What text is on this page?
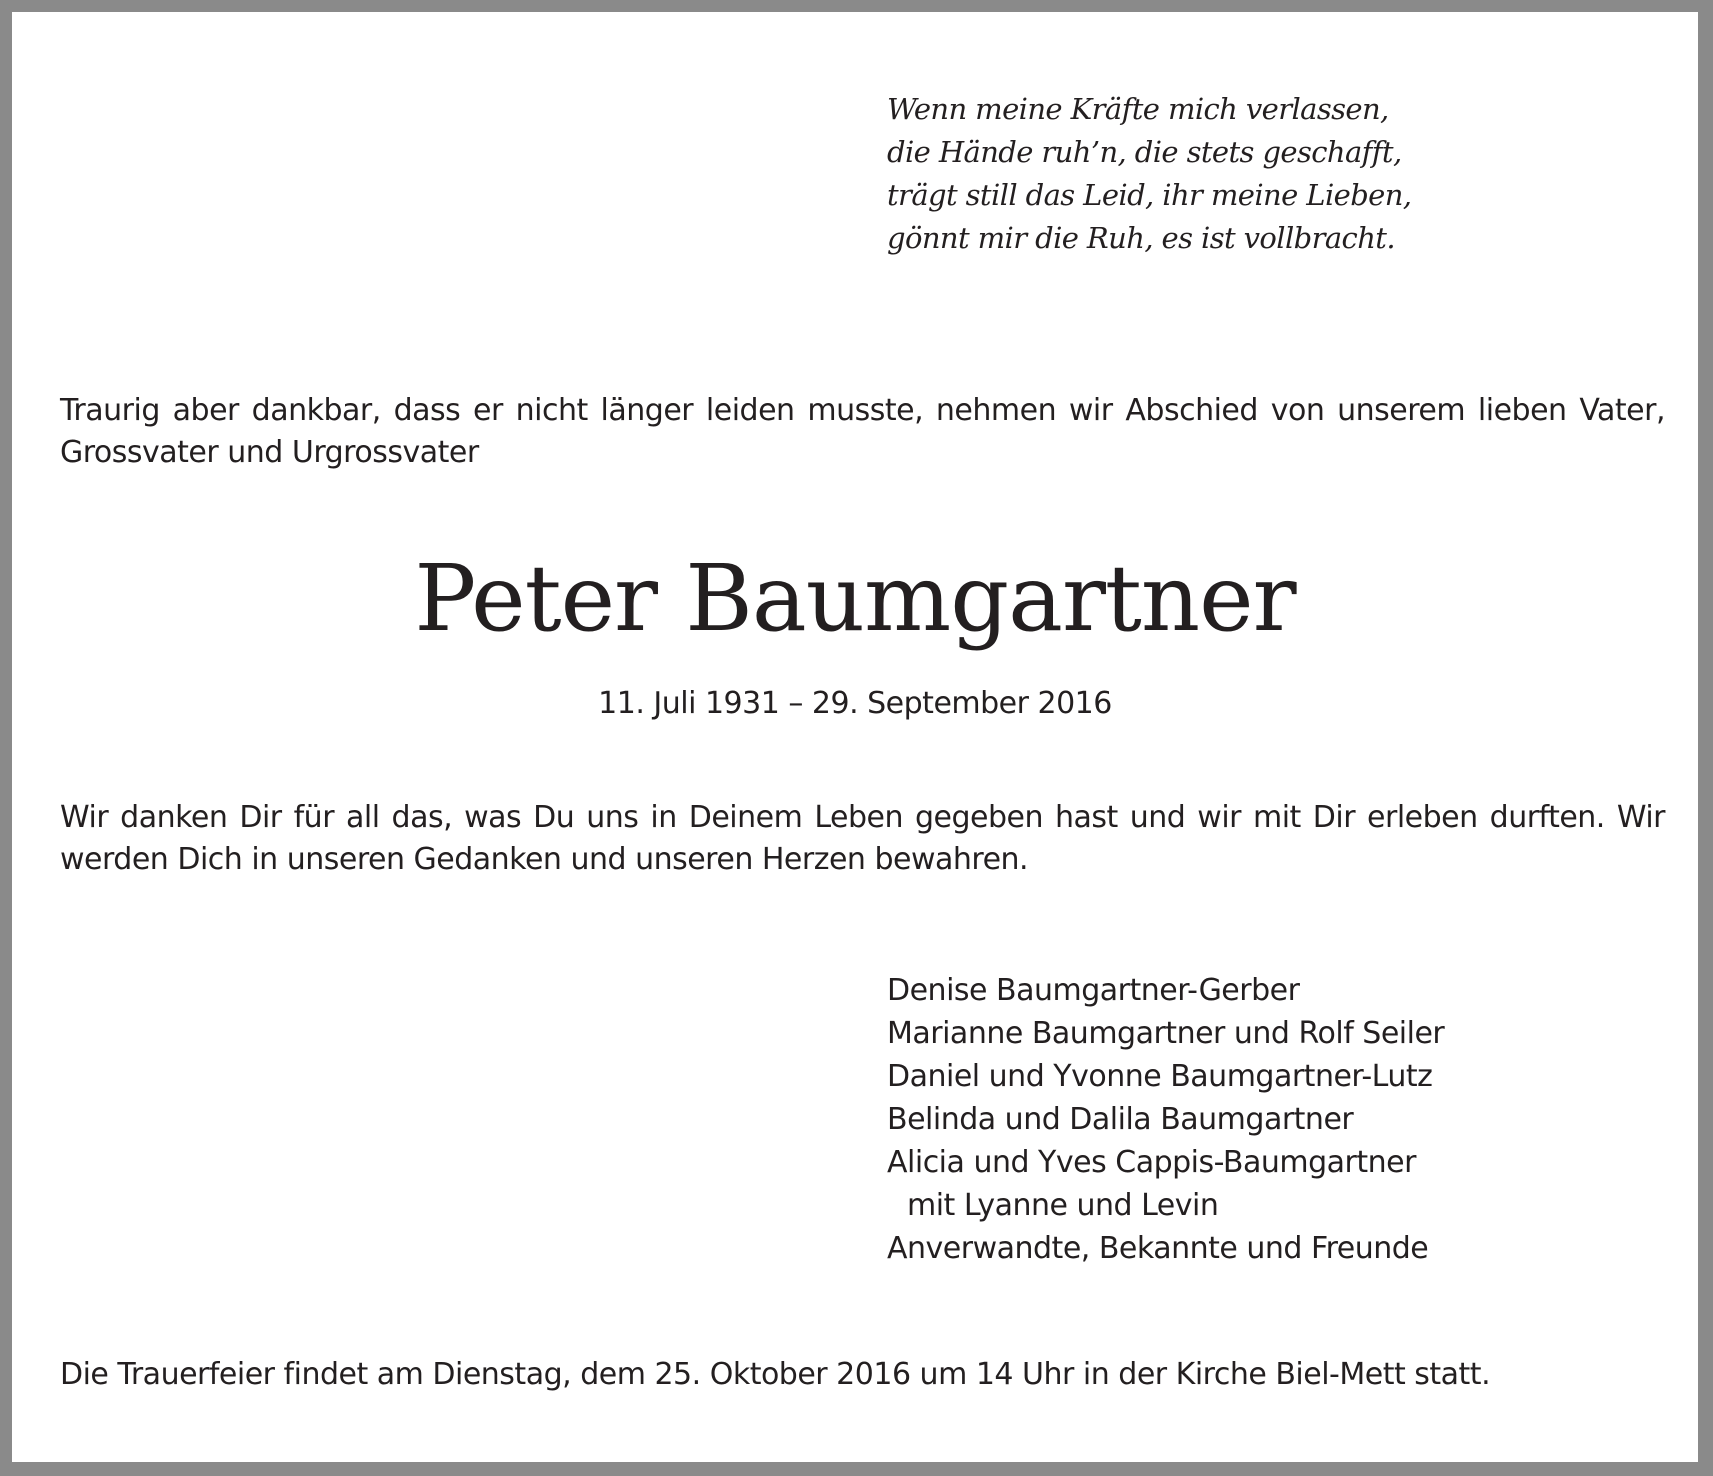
Wenn meine Kräfte mich verlassen,
die Hände ruh’n, die stets geschafft,
trägt still das Leid, ihr meine Lieben,
gönnt mir die Ruh, es ist vollbracht.

Traurig aber dankbar, dass er nicht länger leiden musste, nehmen wir Abschied von unserem lieben Vater, Grossvater und Urgrossvater

Peter Baumgartner

11. Juli 1931 – 29. September 2016

Wir danken Dir für all das, was Du uns in Deinem Leben gegeben hast und wir mit Dir erleben durften. Wir werden Dich in unseren Gedanken und unseren Herzen bewahren.

Denise Baumgartner-Gerber
Marianne Baumgartner und Rolf Seiler
Daniel und Yvonne Baumgartner-Lutz
Belinda und Dalila Baumgartner
Alicia und Yves Cappis-Baumgartner
mit Lyanne und Levin
Anverwandte, Bekannte und Freunde

Die Trauerfeier findet am Dienstag, dem 25. Oktober 2016 um 14 Uhr in der Kirche Biel-Mett statt.
